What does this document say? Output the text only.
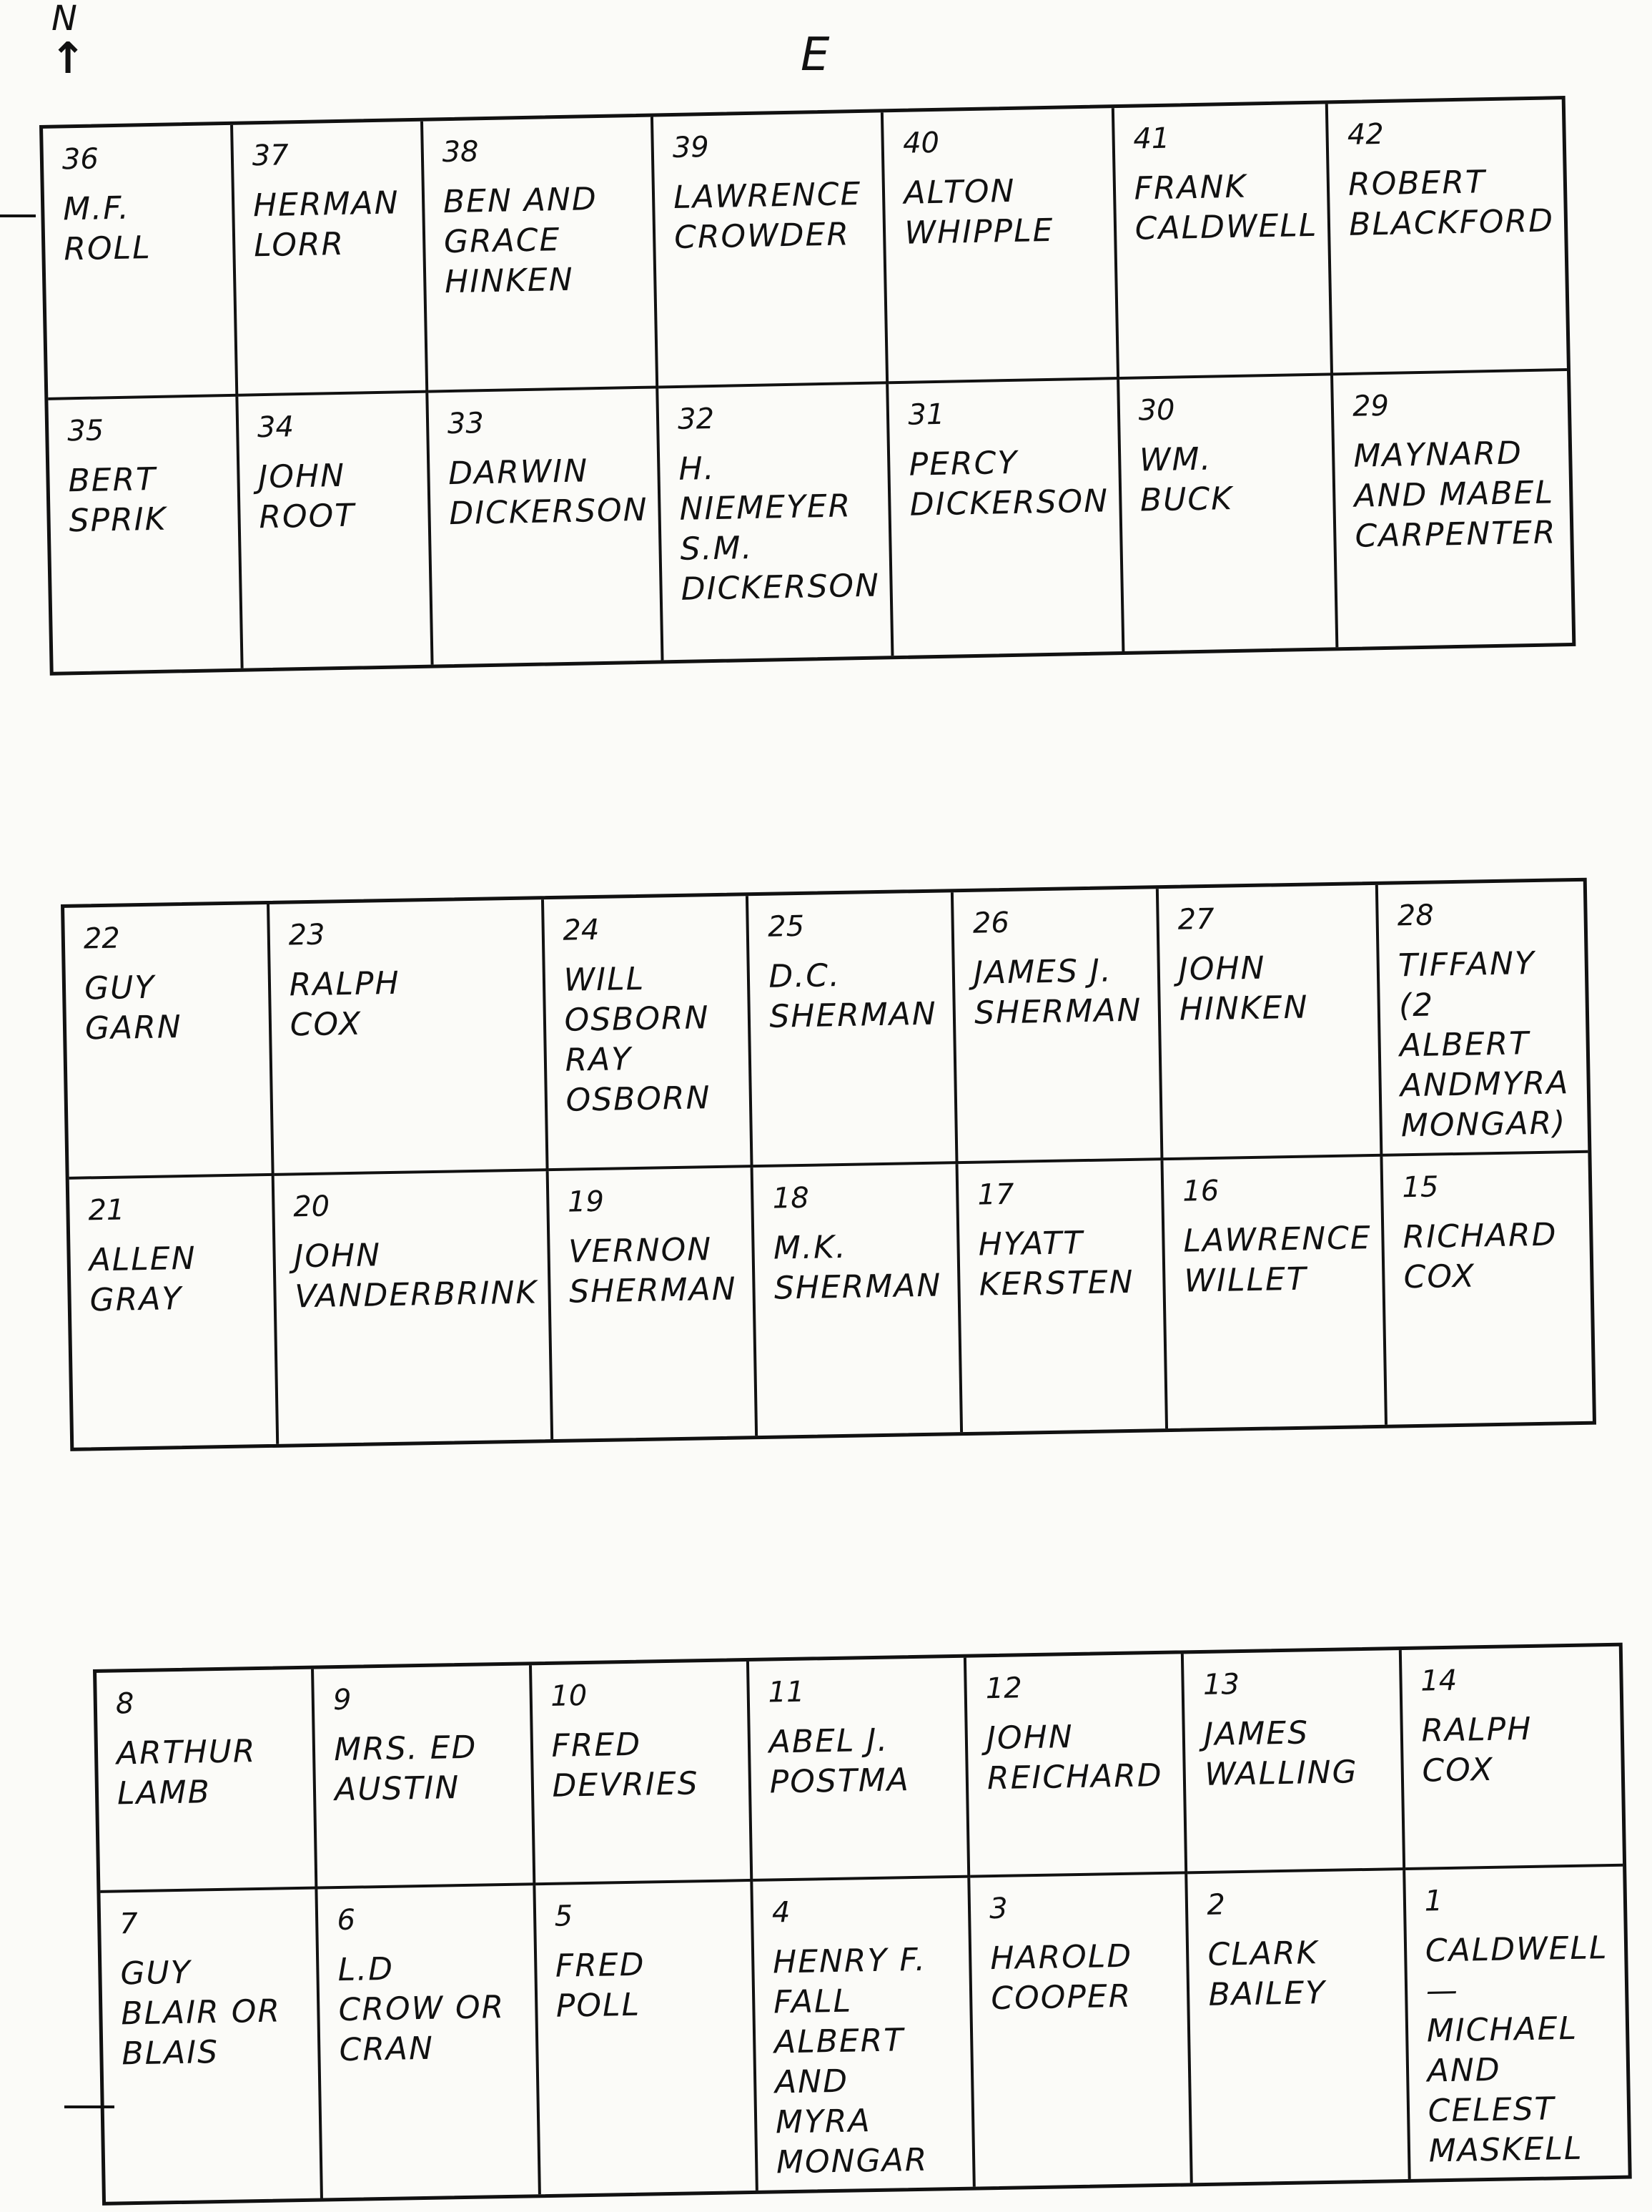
N
↑	E
36
M.F.
ROLL
37
HERMAN
LORR
38
BEN AND
GRACE
HINKEN
39
LAWRENCE
CROWDER
40
ALTON
WHIPPLE
41
FRANK
CALDWELL
42
ROBERT
BLACKFORD
35
BERT
SPRIK
34
JOHN
ROOT
33
DARWIN
DICKERSON
32
H.
NIEMEYER
S.M.
DICKERSON
31
PERCY
DICKERSON
30
WM.
BUCK
29
MAYNARD
AND MABEL
CARPENTER
22
GUY
GARN
23
RALPH
COX
24
WILL
OSBORN
RAY
OSBORN
25
D.C.
SHERMAN
26
JAMES J.
SHERMAN
27
JOHN
HINKEN
28
TIFFANY
(2 ALBERT
ANDMYRA
MONGAR)
21
ALLEN
GRAY
20
JOHN
VANDERBRINK
19
VERNON
SHERMAN
18
M.K.
SHERMAN
17
HYATT
KERSTEN
16
LAWRENCE
WILLET
15
RICHARD
COX
8
ARTHUR
LAMB
9
MRS. ED
AUSTIN
10
FRED
DEVRIES
11
ABEL J.
POSTMA
12
JOHN
REICHARD
13
JAMES
WALLING
14
RALPH
COX
7
GUY
BLAIR OR
BLAIS
6
L.D
CROW OR
CRAN
5
FRED
POLL
4
HENRY F.
FALL
ALBERT AND
MYRA
MONGAR
3
HAROLD
COOPER
2
CLARK
BAILEY
1
CALDWELL
—
MICHAEL
AND CELEST
MASKELL
